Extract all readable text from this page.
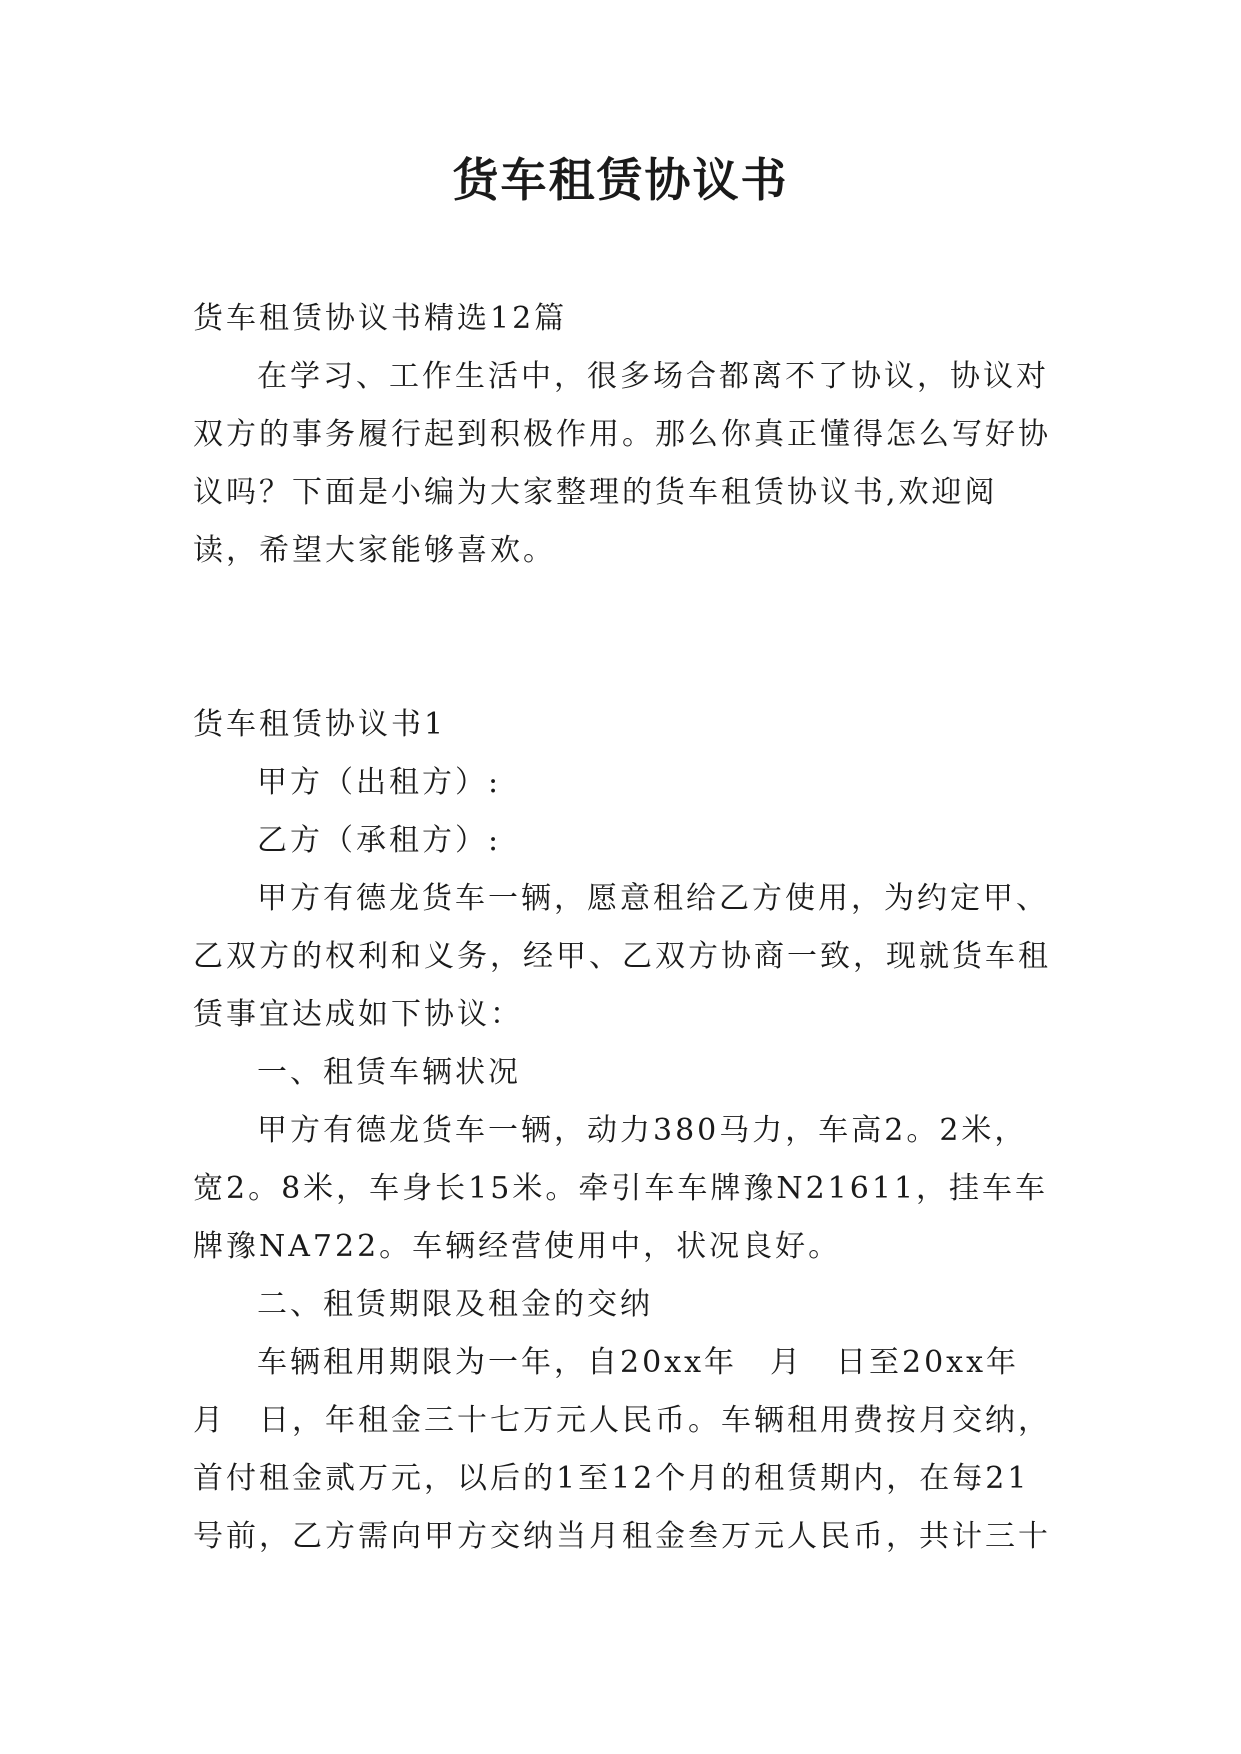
货车租赁协议书

货车租赁协议书精选12篇

在学习、工作生活中，很多场合都离不了协议，协议对双方的事务履行起到积极作用。那么你真正懂得怎么写好协议吗？下面是小编为大家整理的货车租赁协议书,欢迎阅读，希望大家能够喜欢。

货车租赁协议书1

甲方（出租方）:

乙方（承租方）:

甲方有德龙货车一辆，愿意租给乙方使用，为约定甲、乙双方的权利和义务，经甲、乙双方协商一致，现就货车租赁事宜达成如下协议：

一、租赁车辆状况

甲方有德龙货车一辆，动力380马力，车高2。2米，宽2。8米，车身长15米。牵引车车牌豫N21611，挂车车牌豫NA722。车辆经营使用中，状况良好。

二、租赁期限及租金的交纳

车辆租用期限为一年，自20xx年　月　日至20xx年　月　日，年租金三十七万元人民币。车辆租用费按月交纳，首付租金贰万元，以后的1至12个月的租赁期内，在每21号前，乙方需向甲方交纳当月租金叁万元人民币，共计三十
